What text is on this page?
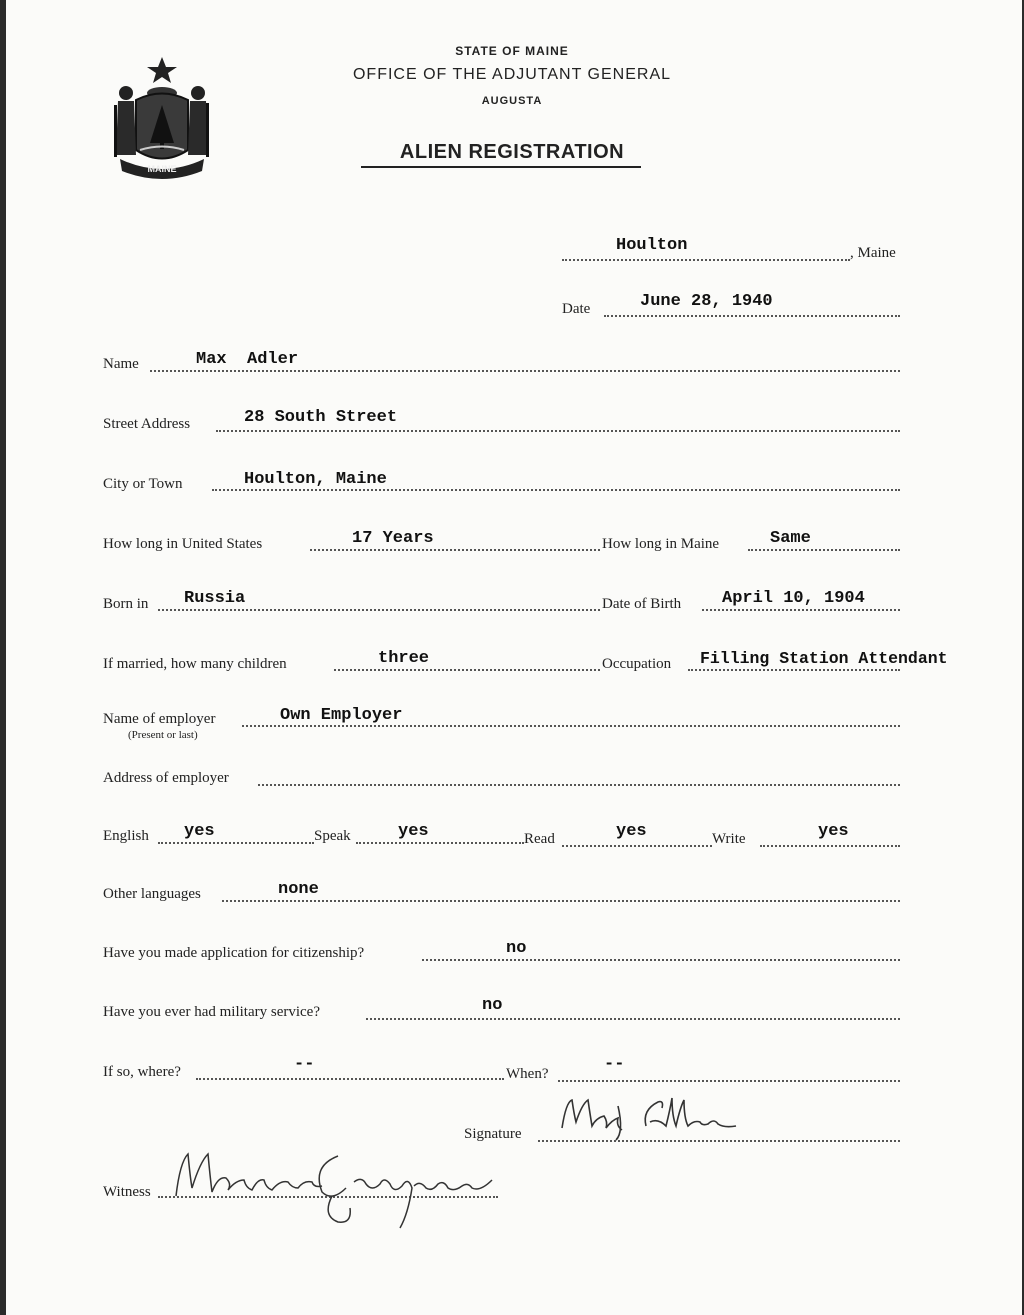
MAINE
STATE OF MAINE
OFFICE OF THE ADJUTANT GENERAL
AUGUSTA
ALIEN REGISTRATION
Houlton	, Maine
Date	June 28, 1940
Name	Max  Adler
Street Address	28 South Street
City or Town	Houlton, Maine
How long in United States	17 Years	How long in Maine	Same
Born in Russia	Date of Birth April 10, 1904
If married, how many children	three	Occupation Filling Station Attendant
Name of employer
(Present or last)
Own Employer
Address of employer
English yes	Speak	yes	Read	yes	Write	yes
Other languages	none
Have you made application for citizenship?	no
Have you ever had military service?	no
If so, where?	--	When?	--
Signature
Witness
